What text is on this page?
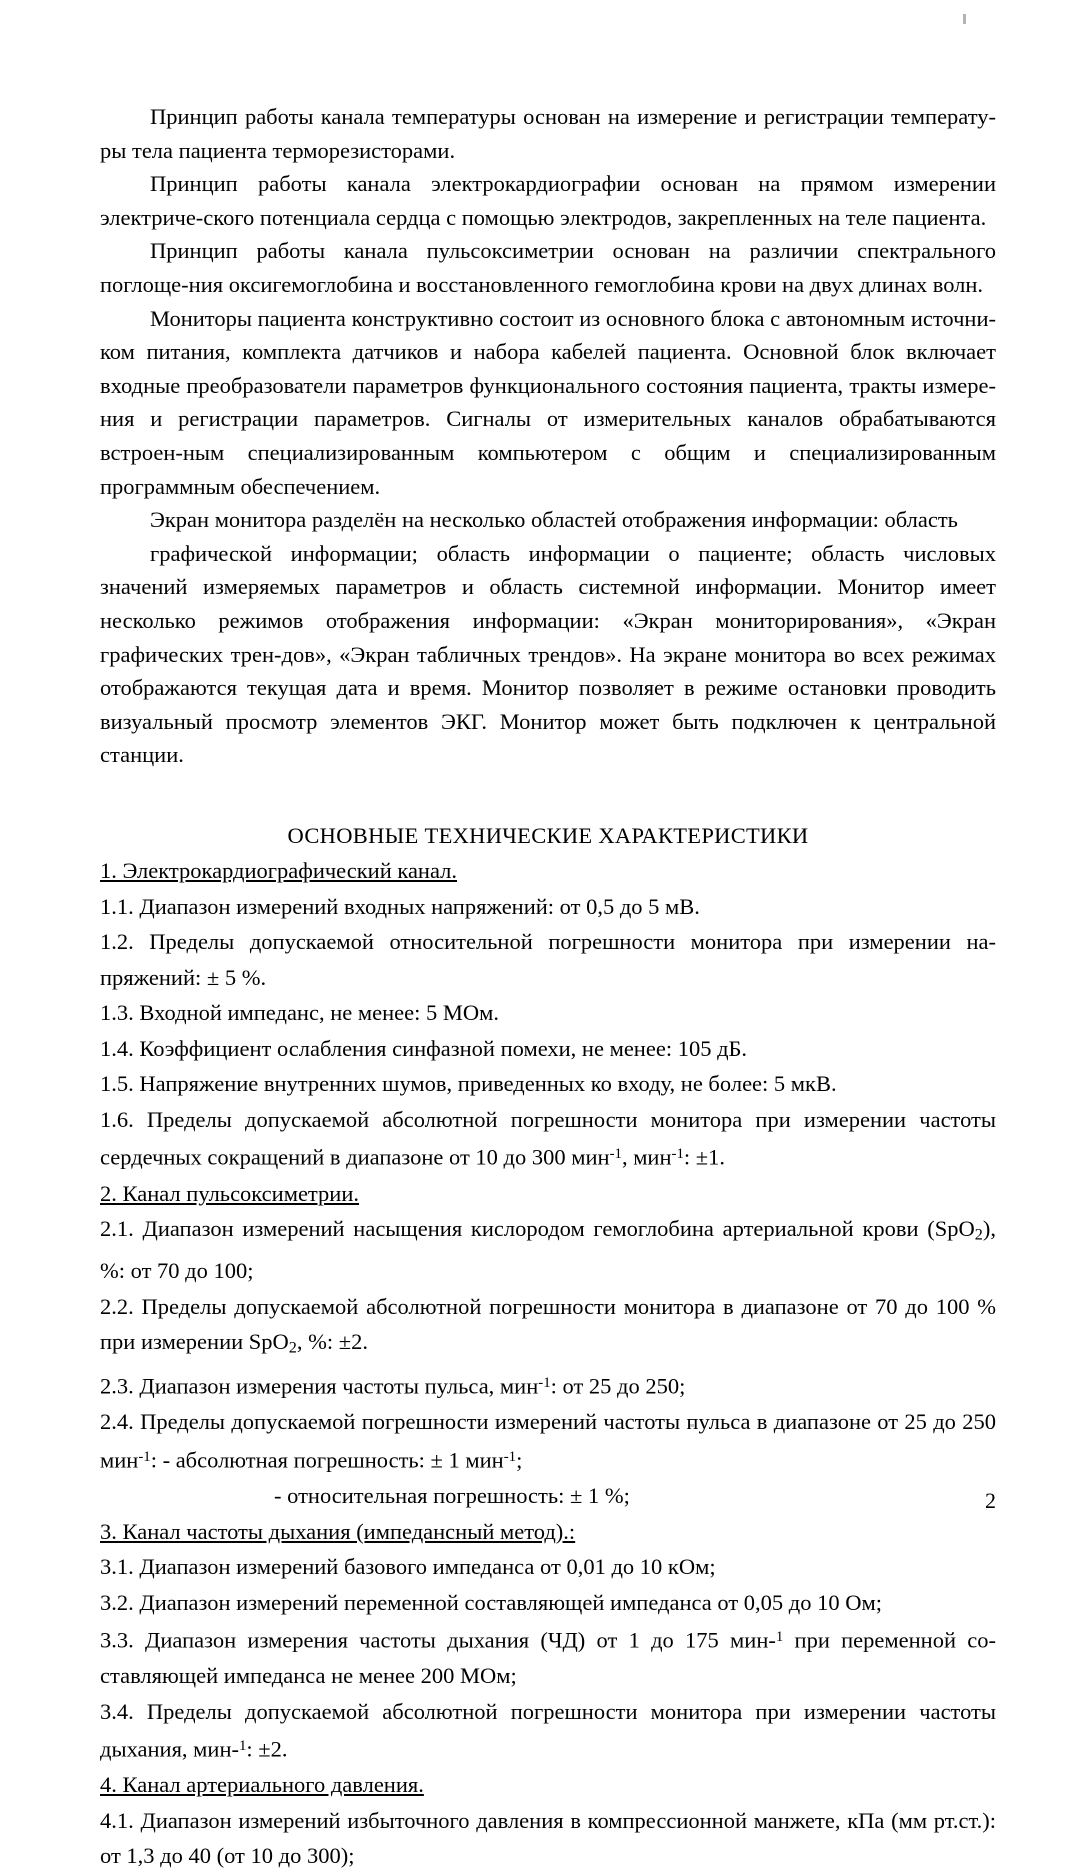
Принцип работы канала температуры основан на измерение и регистрации температу-ры тела пациента терморезисторами.

Принцип работы канала электрокардиографии основан на прямом измерении электриче-ского потенциала сердца с помощью электродов, закрепленных на теле пациента.

Принцип работы канала пульсоксиметрии основан на различии спектрального поглоще-ния оксигемоглобина и восстановленного гемоглобина крови на двух длинах волн.

Мониторы пациента конструктивно состоит из основного блока с автономным источни-ком питания, комплекта датчиков и набора кабелей пациента. Основной блок включает входные преобразователи параметров функционального состояния пациента, тракты измере-ния и регистрации параметров. Сигналы от измерительных каналов обрабатываются встроен-ным специализированным компьютером с общим и специализированным программным обеспечением.

Экран монитора разделён на несколько областей отображения информации: область

графической информации; область информации о пациенте; область числовых значений измеряемых параметров и область системной информации. Монитор имеет несколько режимов отображения информации: «Экран мониторирования», «Экран графических трен-дов», «Экран табличных трендов». На экране монитора во всех режимах отображаются текущая дата и время. Монитор позволяет в режиме остановки проводить визуальный просмотр элементов ЭКГ. Монитор может быть подключен к центральной станции.

ОСНОВНЫЕ ТЕХНИЧЕСКИЕ ХАРАКТЕРИСТИКИ

1. Электрокардиографический канал.

1.1. Диапазон измерений входных напряжений: от 0,5 до 5 мВ.

1.2. Пределы допускаемой относительной погрешности монитора при измерении на-пряжений: ± 5 %.

1.3. Входной импеданс, не менее: 5 МОм.

1.4. Коэффициент ослабления синфазной помехи, не менее: 105 дБ.

1.5. Напряжение внутренних шумов, приведенных ко входу, не более: 5 мкВ.

1.6. Пределы допускаемой абсолютной погрешности монитора при измерении частоты сердечных сокращений в диапазоне от 10 до 300 мин$^{-1}$, мин$^{-1}$: ±1.

2. Канал пульсоксиметрии.

2.1. Диапазон измерений насыщения кислородом гемоглобина артериальной крови (SpO$_2$), %: от 70 до 100;

2.2. Пределы допускаемой абсолютной погрешности монитора в диапазоне от 70 до 100 % при измерении SpO$_2$, %: ±2.

2.3. Диапазон измерения частоты пульса, мин$^{-1}$: от 25 до 250;

2.4. Пределы допускаемой погрешности измерений частоты пульса в диапазоне от 25 до 250 мин$^{-1}$: - абсолютная погрешность: ± 1 мин$^{-1}$;

- относительная погрешность: ± 1 %;

3. Канал частоты дыхания (импедансный метод).:

3.1. Диапазон измерений базового импеданса от 0,01 до 10 кОм;

3.2. Диапазон измерений переменной составляющей импеданса от 0,05 до 10 Ом;

3.3. Диапазон измерения частоты дыхания (ЧД) от 1 до 175 мин-$^1$ при переменной со-ставляющей импеданса не менее 200 МОм;

3.4. Пределы допускаемой абсолютной погрешности монитора при измерении частоты дыхания, мин-$^1$: ±2.

4. Канал артериального давления.

4.1. Диапазон измерений избыточного давления в компрессионной манжете, кПа (мм рт.ст.): от 1,3 до 40 (от 10 до 300);

2
